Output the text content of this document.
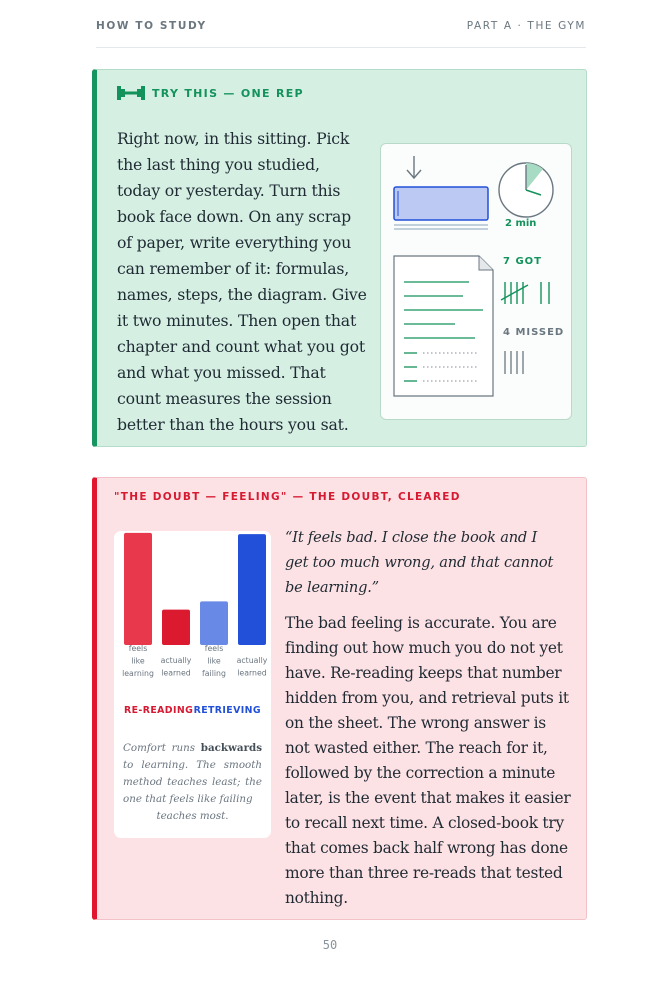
HOW TO STUDY	PART A · THE GYM
TRY THIS — ONE REP

Right now, in this sitting. Pick the last thing you studied, today or yesterday. Turn this book face down. On any scrap of paper, write everything you can remember of it: formulas, names, steps, the diagram. Give it two minutes. Then open that chapter and count what you got and what you missed. That count measures the session better than the hours you sat.

2 min
7 GOT
4 MISSED
"THE DOUBT — FEELING" — THE DOUBT, CLEARED
feels
like
learning
actually
learned
feels
like
failing
actually
learned
RE-READING RETRIEVING

Comfort runs backwards to learning. The smooth method teaches least; the one that feels like failing
teaches most.

“It feels bad. I close the book and I get too much wrong, and that cannot be learning.”

The bad feeling is accurate. You are finding out how much you do not yet have. Re-reading keeps that number hidden from you, and retrieval puts it on the sheet. The wrong answer is not wasted either. The reach for it, followed by the correction a minute later, is the event that makes it easier to recall next time. A closed-book try that comes back half wrong has done more than three re-reads that tested nothing.

50
